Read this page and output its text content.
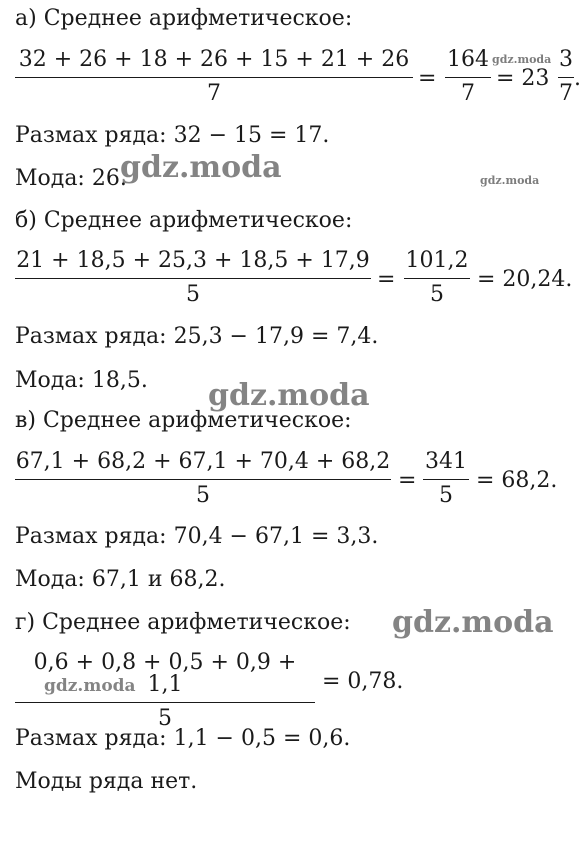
а) Среднее арифметическое:
32 + 26 + 18 + 26 + 15 + 21 + 26
7
=
164
7
= 23
3
7
.
Размах ряда: 32 − 15 = 17.
Мода: 26.
б) Среднее арифметическое:
21 + 18,5 + 25,3 + 18,5 + 17,9
5
=
101,2
5
= 20,24.
Размах ряда: 25,3 − 17,9 = 7,4.
Мода: 18,5.
в) Среднее арифметическое:
67,1 + 68,2 + 67,1 + 70,4 + 68,2
5
=
341
5
= 68,2.
Размах ряда: 70,4 − 67,1 = 3,3.
Мода: 67,1 и 68,2.
г) Среднее арифметическое:
0,6 + 0,8 + 0,5 + 0,9 + 1,1
5
= 0,78.
Размах ряда: 1,1 − 0,5 = 0,6.
Моды ряда нет.
gdz.moda	gdz.moda
gdz.moda
gdz.moda
gdz.moda
gdz.moda
